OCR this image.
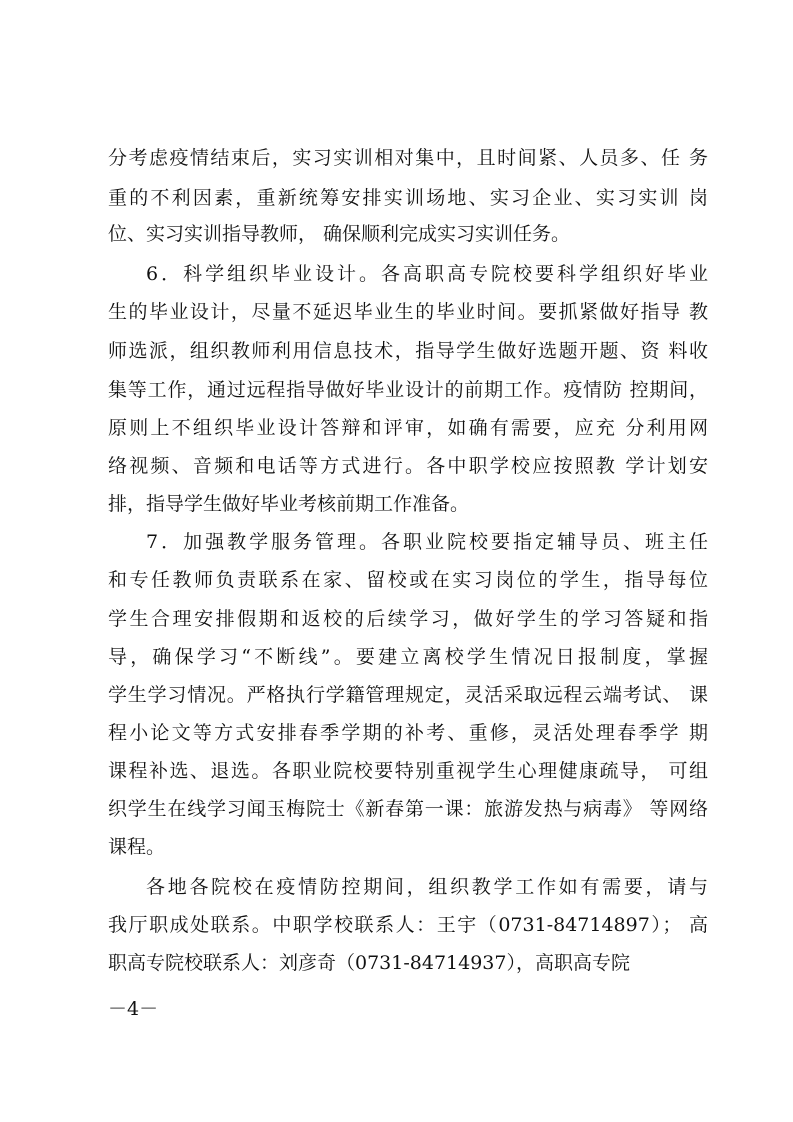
分考虑疫情结束后，实习实训相对集中，且时间紧、人员多、任 务
重的不利因素，重新统筹安排实训场地、实习企业、实习实训 岗
位、实习实训指导教师， 确保顺利完成实习实训任务。
6．科学组织毕业设计。各高职高专院校要科学组织好毕业
生的毕业设计，尽量不延迟毕业生的毕业时间。要抓紧做好指导 教
师选派，组织教师利用信息技术，指导学生做好选题开题、资 料收
集等工作，通过远程指导做好毕业设计的前期工作。疫情防 控期间，
原则上不组织毕业设计答辩和评审，如确有需要，应充 分利用网
络视频、音频和电话等方式进行。各中职学校应按照教 学计划安
排，指导学生做好毕业考核前期工作准备。
7．加强教学服务管理。各职业院校要指定辅导员、班主任
和专任教师负责联系在家、留校或在实习岗位的学生，指导每位
学生合理安排假期和返校的后续学习，做好学生的学习答疑和指
导，确保学习“不断线”。要建立离校学生情况日报制度，掌握
学生学习情况。严格执行学籍管理规定，灵活采取远程云端考试、 课
程小论文等方式安排春季学期的补考、重修，灵活处理春季学 期
课程补选、退选。各职业院校要特别重视学生心理健康疏导， 可组
织学生在线学习闻玉梅院士《新春第一课：旅游发热与病毒》 等网络
课程。
各地各院校在疫情防控期间，组织教学工作如有需要，请与
我厅职成处联系。中职学校联系人：王宇（0731-84714897）； 高
职高专院校联系人：刘彦奇（0731-84714937），高职高专院
－4－
